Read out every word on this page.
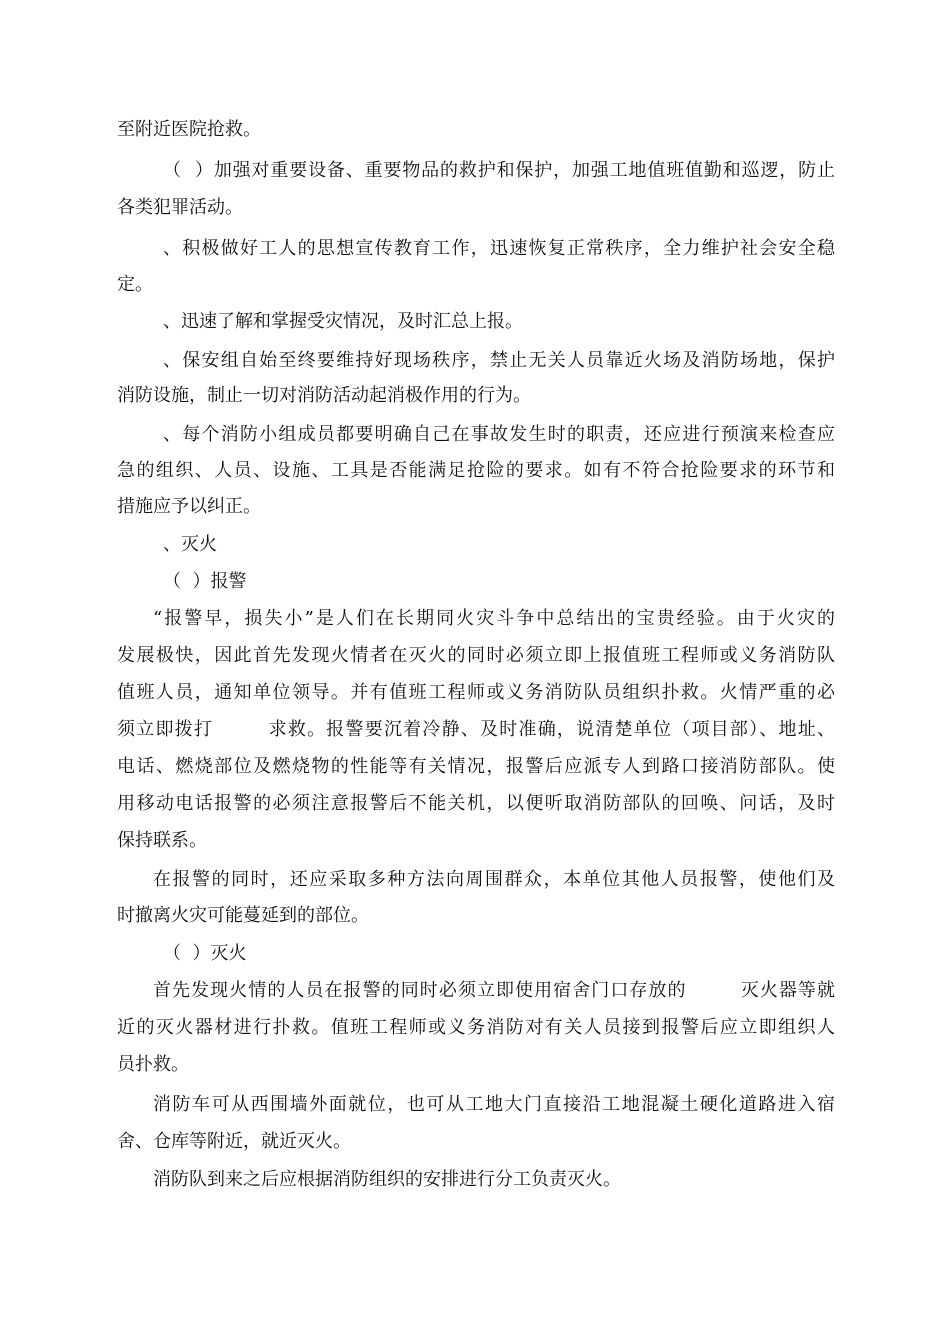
至附近医院抢救。
（  ）加强对重要设备、重要物品的救护和保护，加强工地值班值勤和巡逻，防止
各类犯罪活动。
、积极做好工人的思想宣传教育工作，迅速恢复正常秩序，全力维护社会安全稳
定。
、迅速了解和掌握受灾情况，及时汇总上报。
、保安组自始至终要维持好现场秩序，禁止无关人员靠近火场及消防场地，保护
消防设施，制止一切对消防活动起消极作用的行为。
、每个消防小组成员都要明确自己在事故发生时的职责，还应进行预演来检查应
急的组织、人员、设施、工具是否能满足抢险的要求。如有不符合抢险要求的环节和
措施应予以纠正。
、灭火
（  ）报警
“报警早，损失小”是人们在长期同火灾斗争中总结出的宝贵经验。由于火灾的
发展极快，因此首先发现火情者在灭火的同时必须立即上报值班工程师或义务消防队
值班人员，通知单位领导。并有值班工程师或义务消防队员组织扑救。火情严重的必
须立即拨打        求救。报警要沉着冷静、及时准确，说清楚单位（项目部）、地址、
电话、燃烧部位及燃烧物的性能等有关情况，报警后应派专人到路口接消防部队。使
用移动电话报警的必须注意报警后不能关机，以便听取消防部队的回唤、问话，及时
保持联系。
在报警的同时，还应采取多种方法向周围群众，本单位其他人员报警，使他们及
时撤离火灾可能蔓延到的部位。
（  ）灭火
首先发现火情的人员在报警的同时必须立即使用宿舍门口存放的        灭火器等就
近的灭火器材进行扑救。值班工程师或义务消防对有关人员接到报警后应立即组织人
员扑救。
消防车可从西围墙外面就位，也可从工地大门直接沿工地混凝土硬化道路进入宿
舍、仓库等附近，就近灭火。
消防队到来之后应根据消防组织的安排进行分工负责灭火。
